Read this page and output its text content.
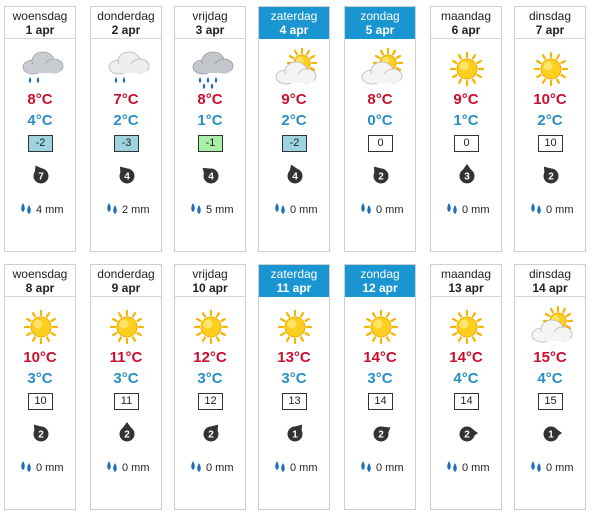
woensdag
1 apr
8°C
4°C
-2
7
4 mm
donderdag
2 apr
7°C
2°C
-3
4
2 mm
vrijdag
3 apr
8°C
1°C
-1
4
5 mm
zaterdag
4 apr
9°C
2°C
-2
4
0 mm
zondag
5 apr
8°C
0°C
0
2
0 mm
maandag
6 apr
9°C
1°C
0
3
0 mm
dinsdag
7 apr
10°C
2°C
10
2
0 mm
woensdag
8 apr
10°C
3°C
10
2
0 mm
donderdag
9 apr
11°C
3°C
11
2
0 mm
vrijdag
10 apr
12°C
3°C
12
2
0 mm
zaterdag
11 apr
13°C
3°C
13
1
0 mm
zondag
12 apr
14°C
3°C
14
2
0 mm
maandag
13 apr
14°C
4°C
14
2
0 mm
dinsdag
14 apr
15°C
4°C
15
1
0 mm
